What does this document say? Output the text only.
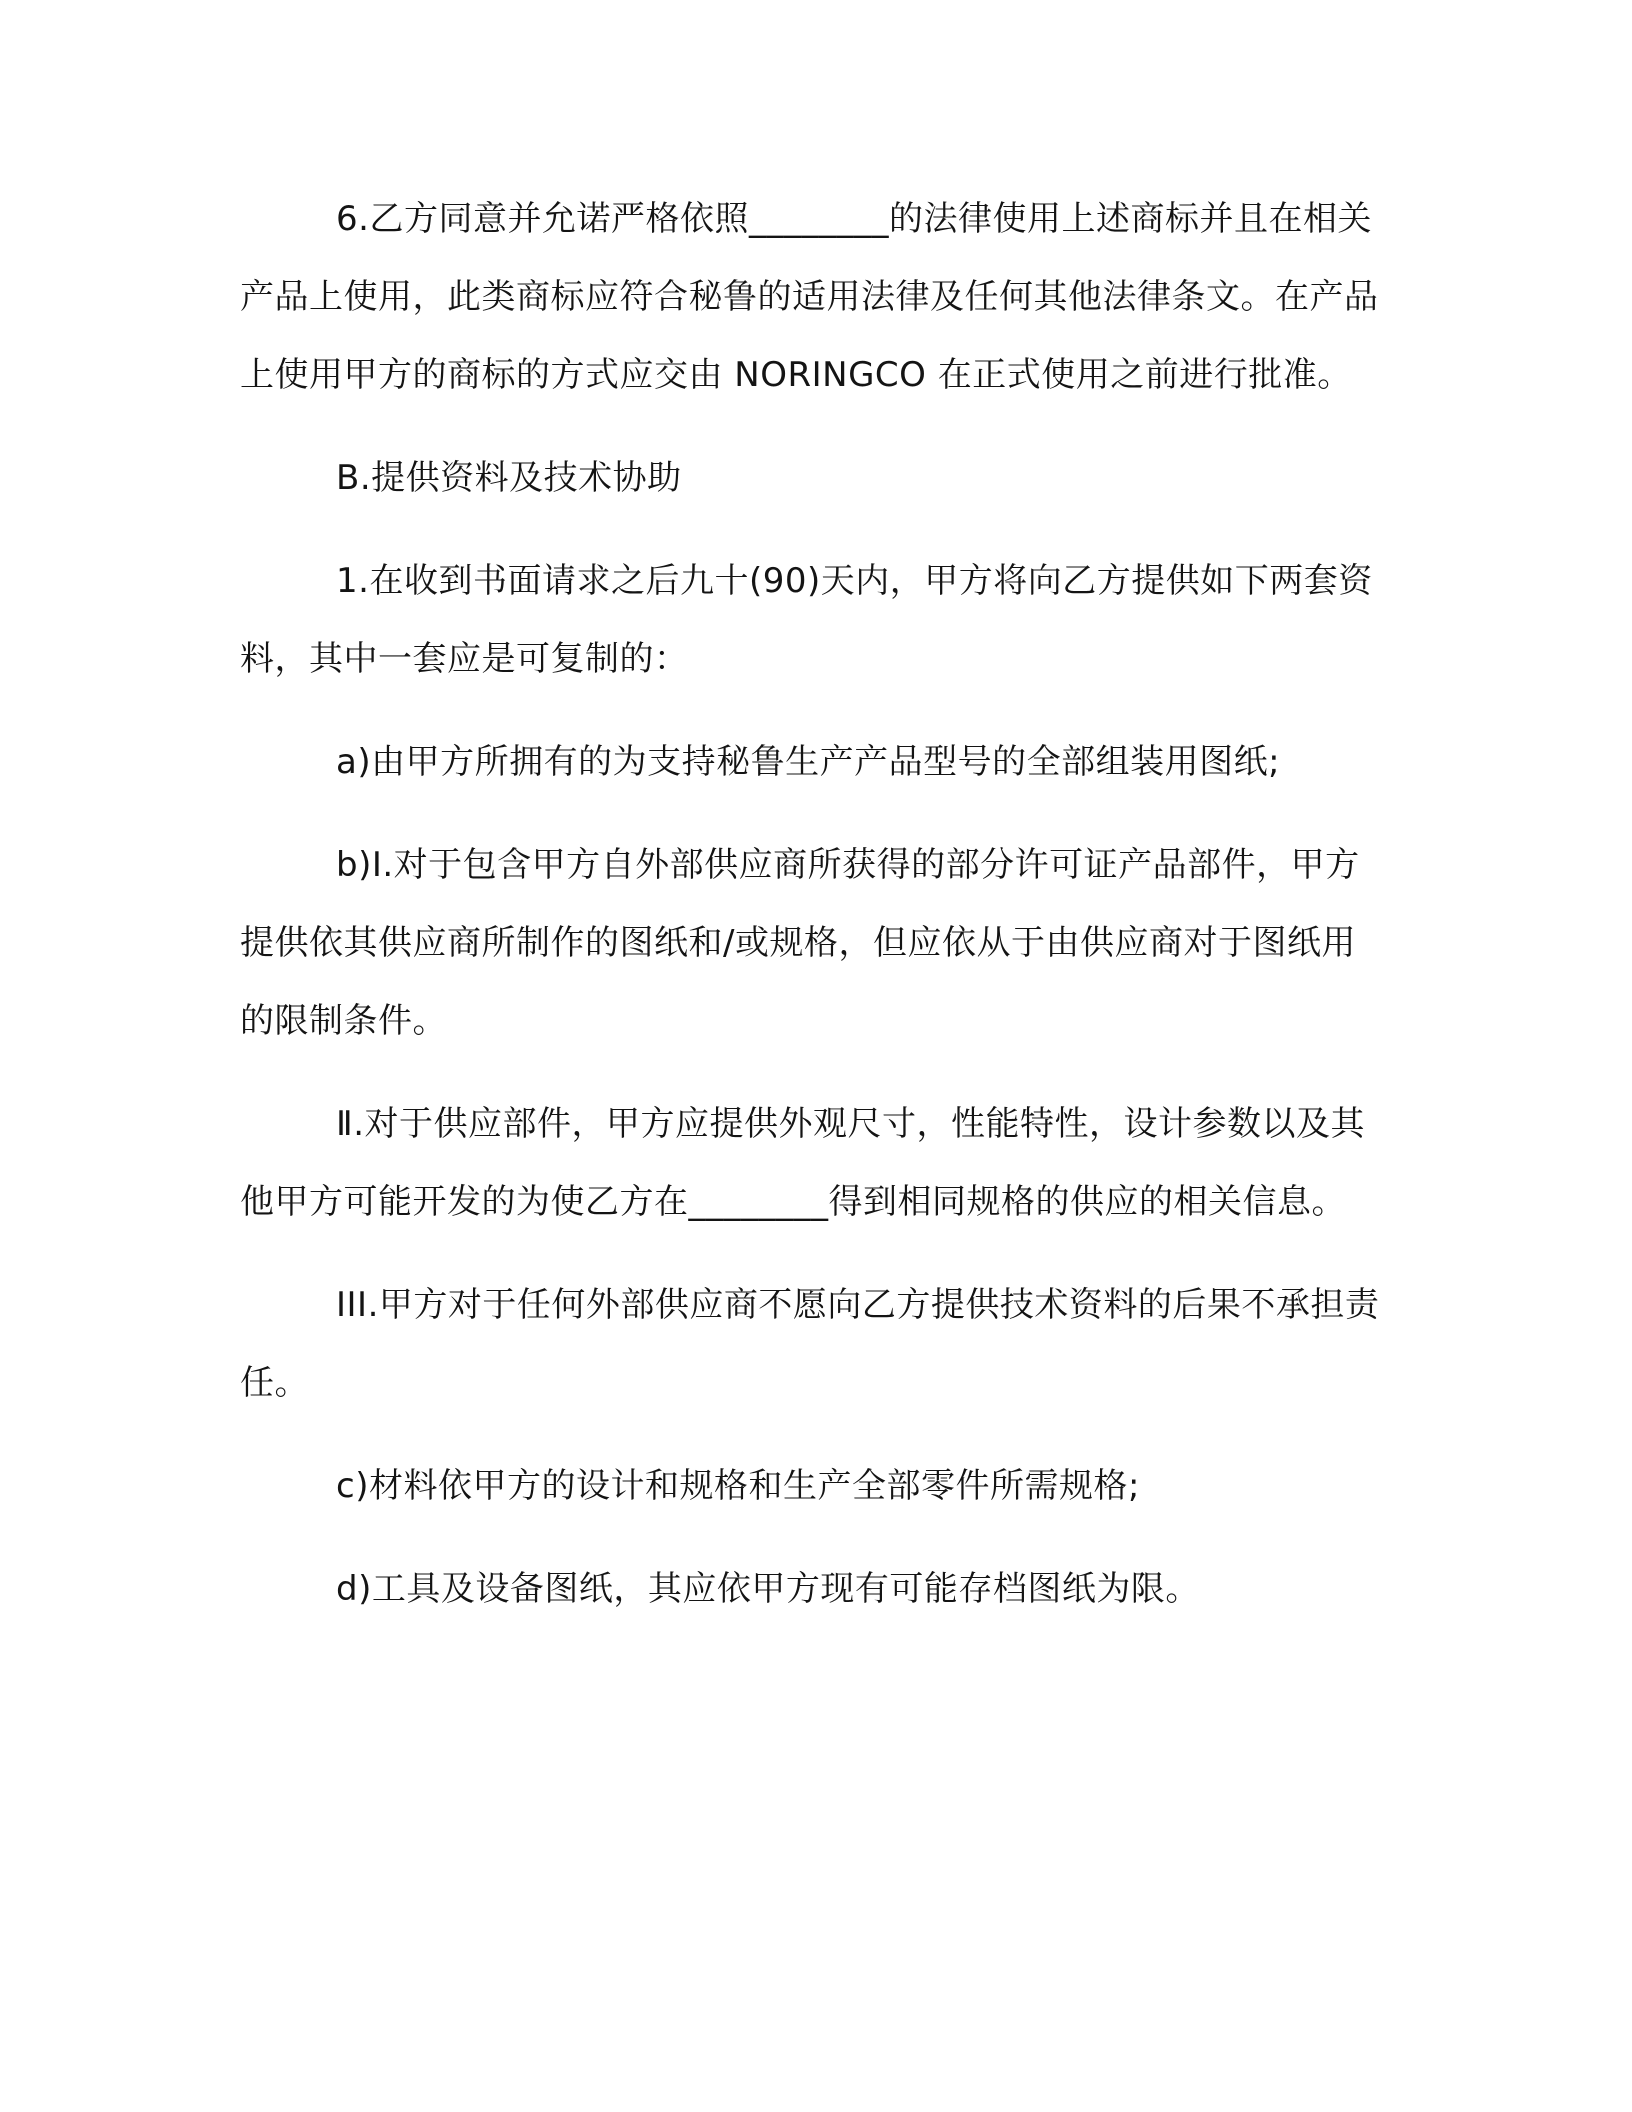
6.乙方同意并允诺严格依照________的法律使用上述商标并且在相关产品上使用，此类商标应符合秘鲁的适用法律及任何其他法律条文。在产品上使用甲方的商标的方式应交由 NORINGCO 在正式使用之前进行批准。

B.提供资料及技术协助

1.在收到书面请求之后九十(90)天内，甲方将向乙方提供如下两套资料，其中一套应是可复制的：

a)由甲方所拥有的为支持秘鲁生产产品型号的全部组装用图纸;

b)Ⅰ.对于包含甲方自外部供应商所获得的部分许可证产品部件，甲方提供依其供应商所制作的图纸和/或规格，但应依从于由供应商对于图纸用的限制条件。

Ⅱ.对于供应部件，甲方应提供外观尺寸，性能特性，设计参数以及其他甲方可能开发的为使乙方在________得到相同规格的供应的相关信息。

III.甲方对于任何外部供应商不愿向乙方提供技术资料的后果不承担责任。

c)材料依甲方的设计和规格和生产全部零件所需规格;

d)工具及设备图纸，其应依甲方现有可能存档图纸为限。
